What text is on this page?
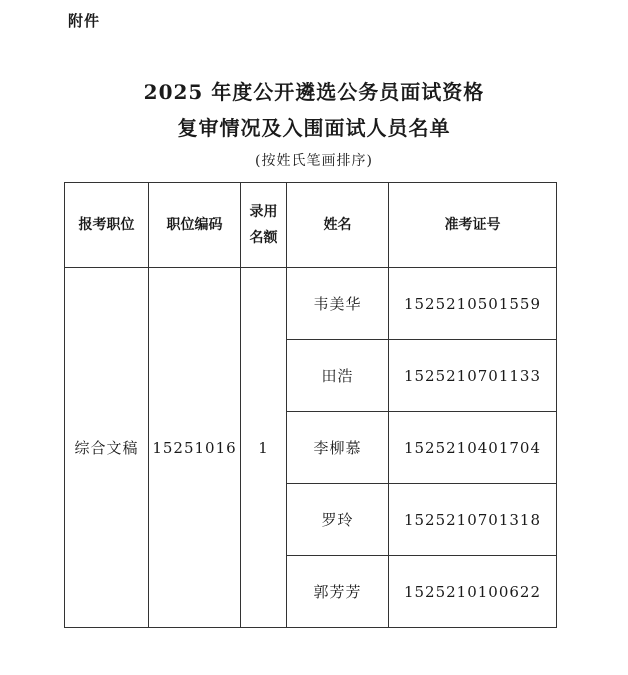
附件
2025 年度公开遴选公务员面试资格
复审情况及入围面试人员名单
(按姓氏笔画排序)
报考职位	职位编码	录用名额	姓名	准考证号
综合文稿	15251016	1	韦美华	1525210501559
			田浩	1525210701133
			李柳慕	1525210401704
			罗玲	1525210701318
			郭芳芳	1525210100622
